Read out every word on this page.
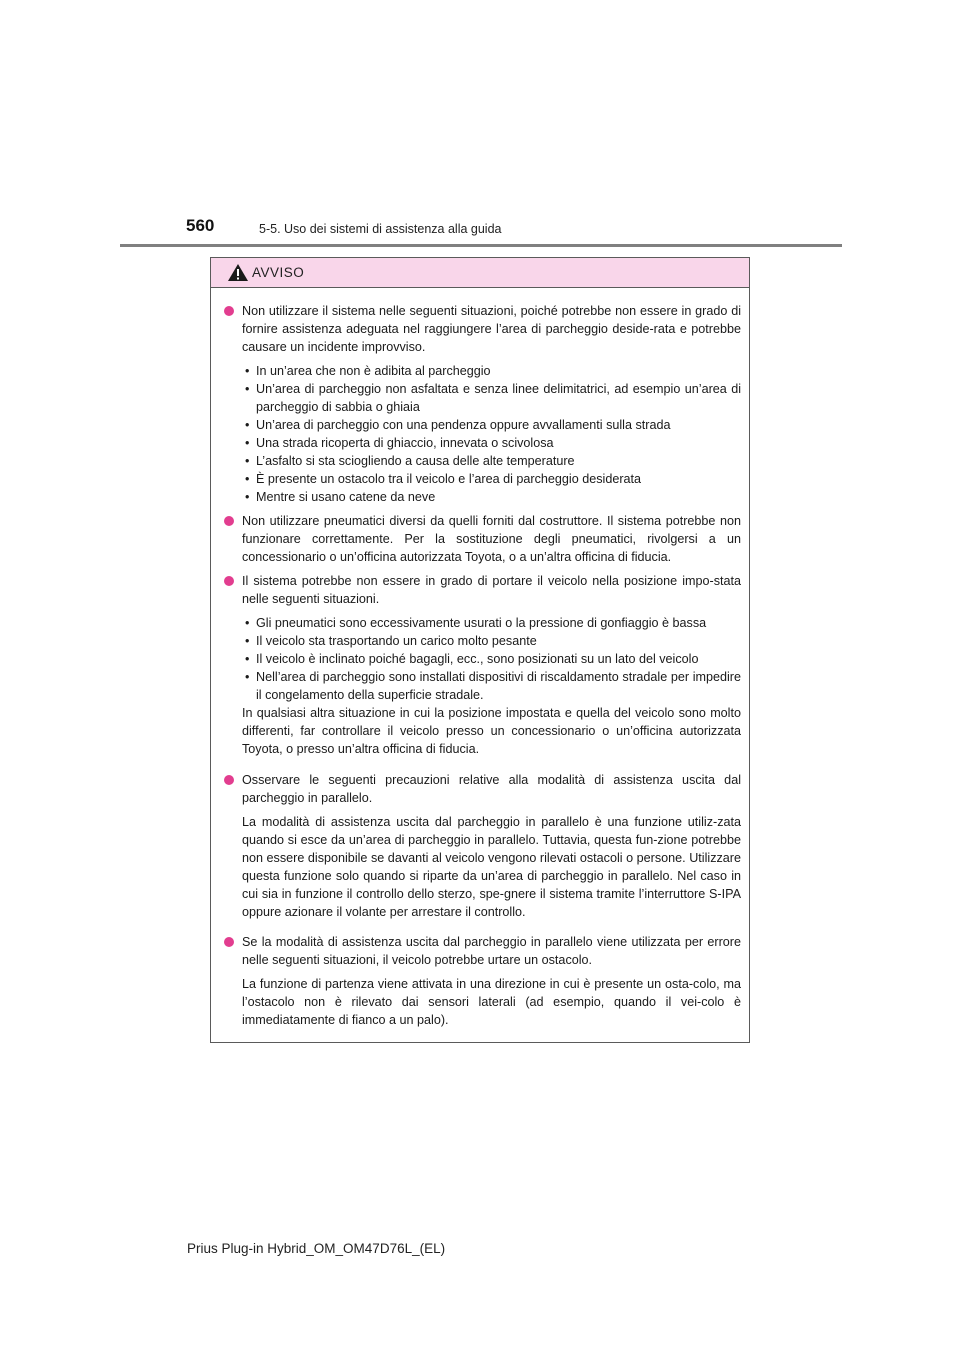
560	5-5. Uso dei sistemi di assistenza alla guida
AVVISO

Non utilizzare il sistema nelle seguenti situazioni, poiché potrebbe non essere in grado di fornire assistenza adeguata nel raggiungere l’area di parcheggio deside-rata e potrebbe causare un incidente improvviso.

• In un’area che non è adibita al parcheggio
• Un’area di parcheggio non asfaltata e senza linee delimitatrici, ad esempio un’area di parcheggio di sabbia o ghiaia
• Un’area di parcheggio con una pendenza oppure avvallamenti sulla strada
• Una strada ricoperta di ghiaccio, innevata o scivolosa
• L’asfalto si sta sciogliendo a causa delle alte temperature
• È presente un ostacolo tra il veicolo e l’area di parcheggio desiderata
• Mentre si usano catene da neve

Non utilizzare pneumatici diversi da quelli forniti dal costruttore. Il sistema potrebbe non funzionare correttamente. Per la sostituzione degli pneumatici, rivolgersi a un concessionario o un’officina autorizzata Toyota, o a un’altra officina di fiducia.

Il sistema potrebbe non essere in grado di portare il veicolo nella posizione impo-stata nelle seguenti situazioni.

• Gli pneumatici sono eccessivamente usurati o la pressione di gonfiaggio è bassa
• Il veicolo sta trasportando un carico molto pesante
• Il veicolo è inclinato poiché bagagli, ecc., sono posizionati su un lato del veicolo
• Nell’area di parcheggio sono installati dispositivi di riscaldamento stradale per impedire il congelamento della superficie stradale.

In qualsiasi altra situazione in cui la posizione impostata e quella del veicolo sono molto differenti, far controllare il veicolo presso un concessionario o un’officina autorizzata Toyota, o presso un’altra officina di fiducia.

Osservare le seguenti precauzioni relative alla modalità di assistenza uscita dal parcheggio in parallelo.

La modalità di assistenza uscita dal parcheggio in parallelo è una funzione utiliz-zata quando si esce da un’area di parcheggio in parallelo. Tuttavia, questa fun-zione potrebbe non essere disponibile se davanti al veicolo vengono rilevati ostacoli o persone. Utilizzare questa funzione solo quando si riparte da un’area di parcheggio in parallelo. Nel caso in cui sia in funzione il controllo dello sterzo, spe-gnere il sistema tramite l’interruttore S-IPA oppure azionare il volante per arrestare il controllo.

Se la modalità di assistenza uscita dal parcheggio in parallelo viene utilizzata per errore nelle seguenti situazioni, il veicolo potrebbe urtare un ostacolo.

La funzione di partenza viene attivata in una direzione in cui è presente un osta-colo, ma l’ostacolo non è rilevato dai sensori laterali (ad esempio, quando il vei-colo è immediatamente di fianco a un palo).

Prius Plug-in Hybrid_OM_OM47D76L_(EL)
